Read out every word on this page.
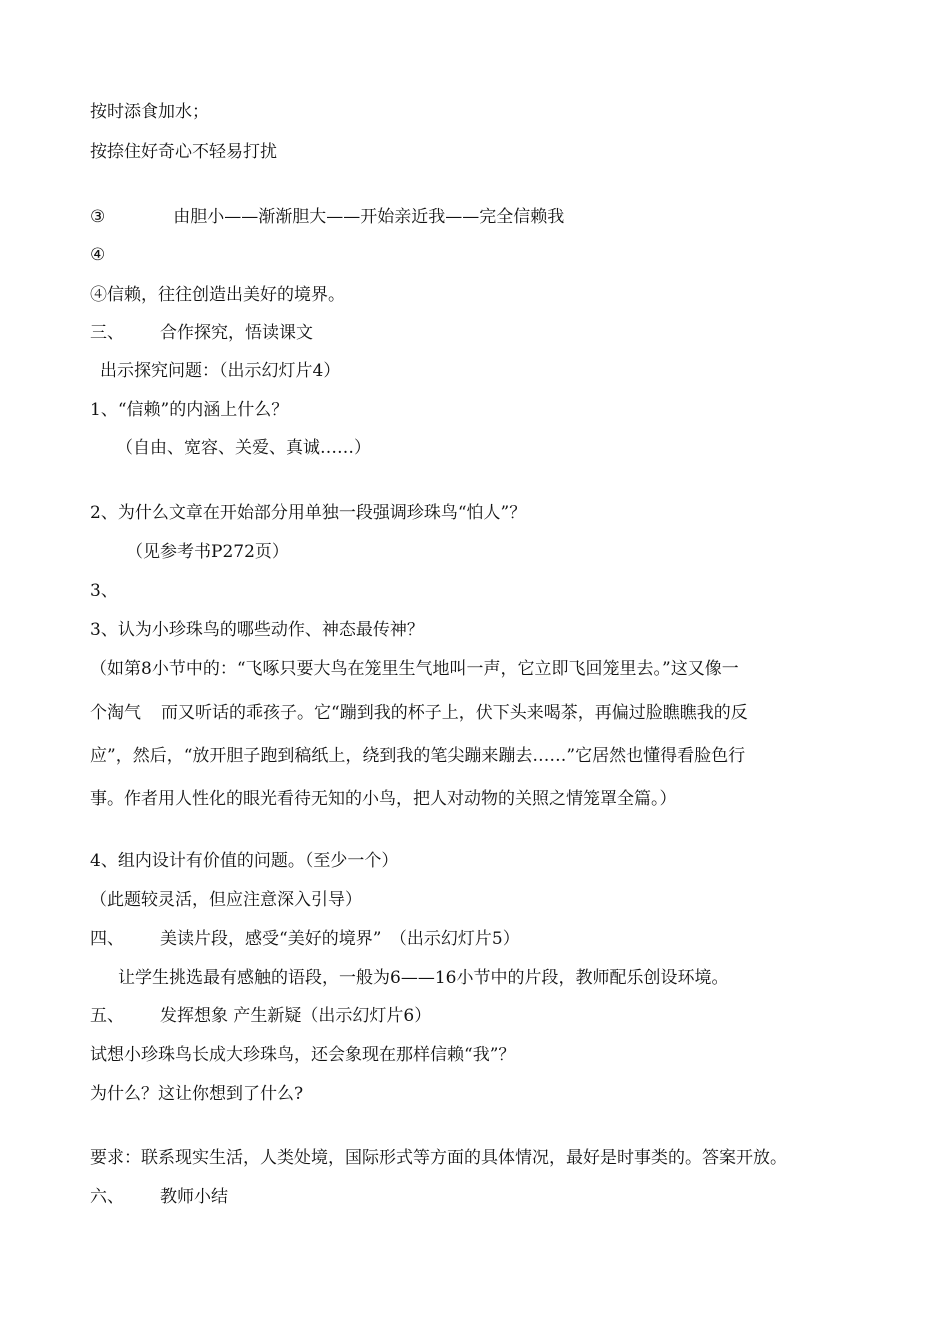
按时添食加水；
按捺住好奇心不轻易打扰
③	由胆小——渐渐胆大——开始亲近我——完全信赖我
④
④信赖，往往创造出美好的境界。
三、 合作探究，悟读课文
出示探究问题：（出示幻灯片4）
1、“信赖”的内涵上什么？
（自由、宽容、关爱、真诚……）
2、为什么文章在开始部分用单独一段强调珍珠鸟“怕人”？
（见参考书P272页）
3、
3、认为小珍珠鸟的哪些动作、神态最传神？
（如第8小节中的：“飞啄只要大鸟在笼里生气地叫一声，它立即飞回笼里去。”这又像一
个淘气 而又听话的乖孩子。它“蹦到我的杯子上，伏下头来喝茶，再偏过脸瞧瞧我的反
应”，然后，“放开胆子跑到稿纸上，绕到我的笔尖蹦来蹦去……”它居然也懂得看脸色行
事。作者用人性化的眼光看待无知的小鸟，把人对动物的关照之情笼罩全篇。）
4、组内设计有价值的问题。（至少一个）
（此题较灵活，但应注意深入引导）
四、 美读片段，感受“美好的境界”　（出示幻灯片5）
让学生挑选最有感触的语段，一般为6——16小节中的片段，教师配乐创设环境。
五、 发挥想象 产生新疑（出示幻灯片6）
试想小珍珠鸟长成大珍珠鸟，还会象现在那样信赖“我”？
为什么？这让你想到了什么?
要求：联系现实生活，人类处境，国际形式等方面的具体情况，最好是时事类的。答案开放。
六、 教师小结
